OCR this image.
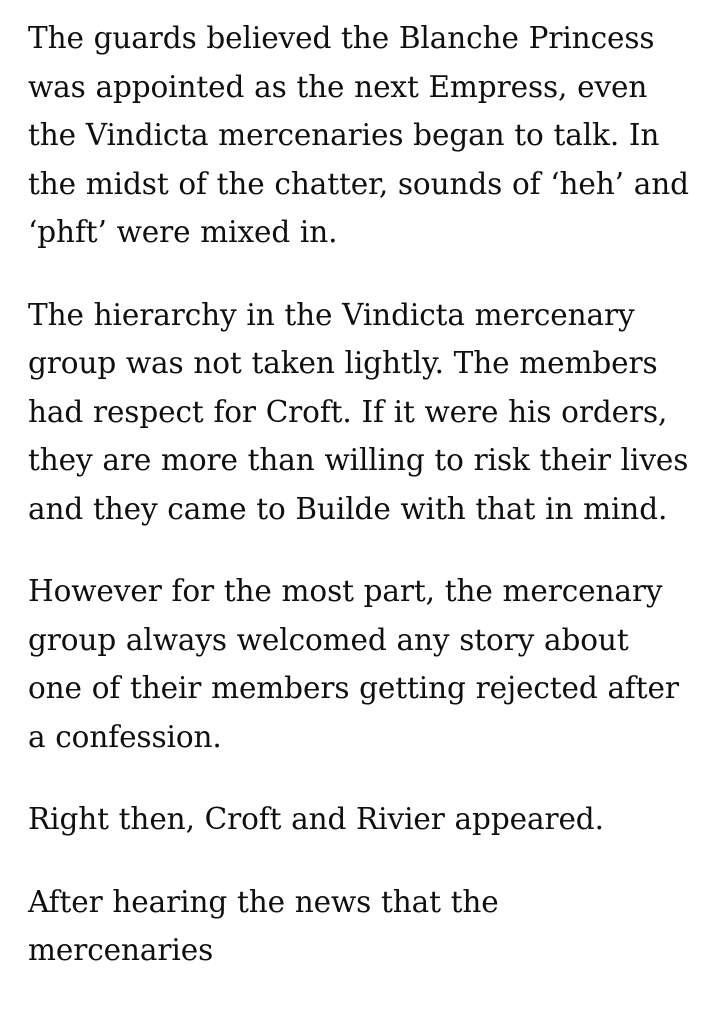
The guards believed the Blanche Princess was appointed as the next Empress, even the Vindicta mercenaries began to talk. In the midst of the chatter, sounds of ‘heh’ and ‘phft’ were mixed in.

The hierarchy in the Vindicta mercenary group was not taken lightly. The members had respect for Croft. If it were his orders, they are more than willing to risk their lives and they came to Builde with that in mind.

However for the most part, the mercenary group always welcomed any story about one of their members getting rejected after a confession.

Right then, Croft and Rivier appeared.

After hearing the news that the mercenaries
